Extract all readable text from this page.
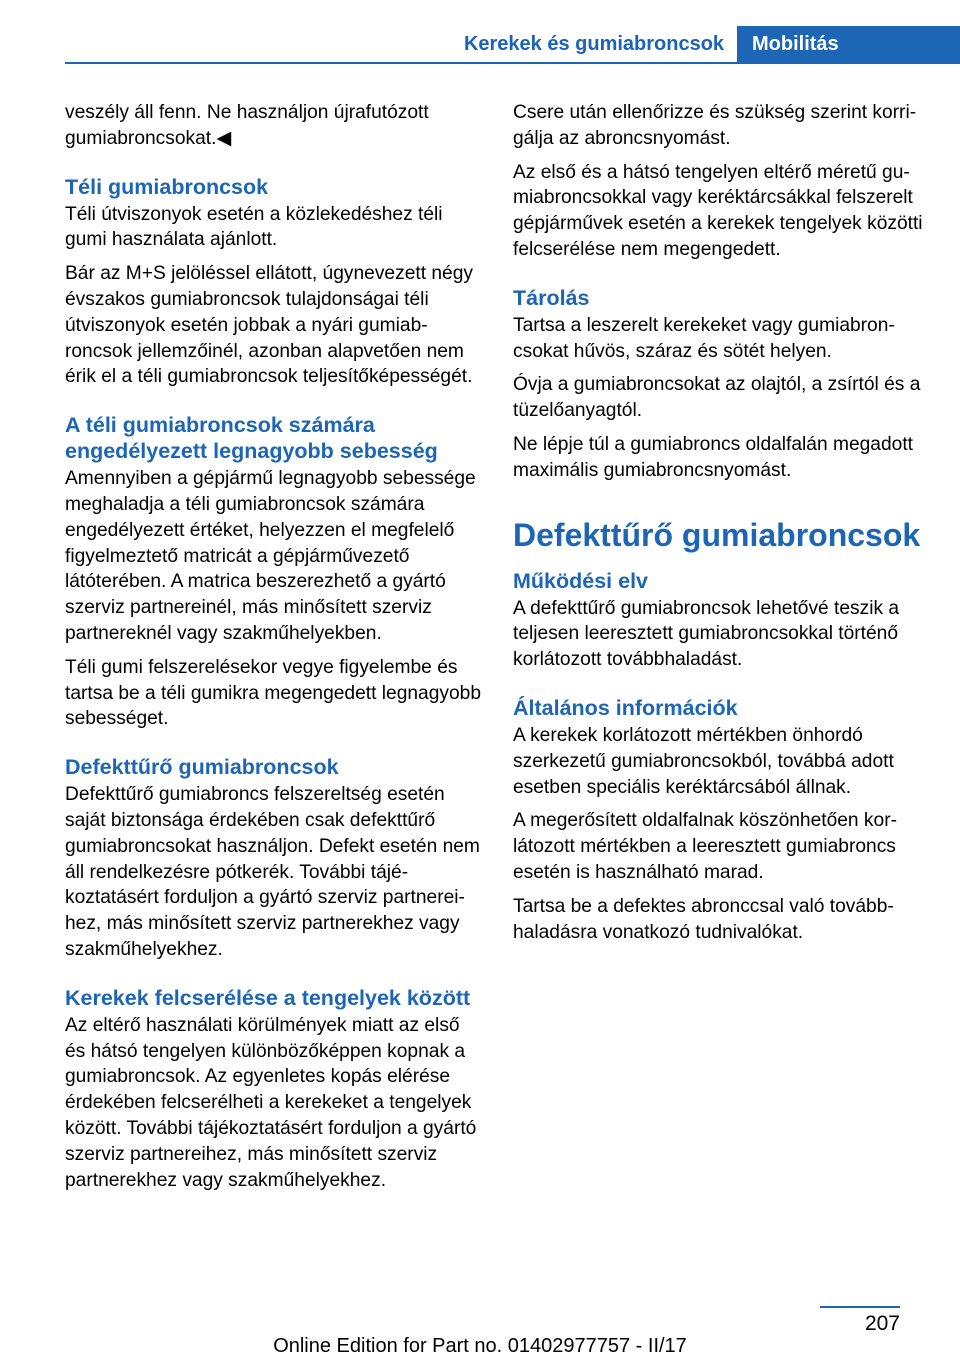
Kerekek és gumiabroncsok	Mobilitás

veszély áll fenn. Ne használjon újrafutózott gumiabroncsokat.◀

Téli gumiabroncsok

Téli útviszonyok esetén a közlekedéshez téli gumi használata ajánlott.

Bár az M+S jelöléssel ellátott, úgynevezett négy évszakos gumiabroncsok tulajdonságai téli útviszonyok esetén jobbak a nyári gumiabroncsok jellemzőinél, azonban alapvetően nem érik el a téli gumiabroncsok teljesítőképességét.

A téli gumiabroncsok számára engedélyezett legnagyobb sebesség

Amennyiben a gépjármű legnagyobb sebessége meghaladja a téli gumiabroncsok számára engedélyezett értéket, helyezzen el megfelelő figyelmeztető matricát a gépjárművezető látóterében. A matrica beszerezhető a gyártó szerviz partnereinél, más minősített szerviz partnereknél vagy szakműhelyekben.

Téli gumi felszerelésekor vegye figyelembe és tartsa be a téli gumikra megengedett legnagyobb sebességet.

Defekttűrő gumiabroncsok

Defekttűrő gumiabroncs felszereltség esetén saját biztonsága érdekében csak defekttűrő gumiabroncsokat használjon. Defekt esetén nem áll rendelkezésre pótkerék. További tájékoztatásért forduljon a gyártó szerviz partnereihez, más minősített szerviz partnerekhez vagy szakműhelyekhez.

Kerekek felcserélése a tengelyek között

Az eltérő használati körülmények miatt az első és hátsó tengelyen különbözőképpen kopnak a gumiabroncsok. Az egyenletes kopás elérése érdekében felcserélheti a kerekeket a tengelyek között. További tájékoztatásért forduljon a gyártó szerviz partnereihez, más minősített szerviz partnerekhez vagy szakműhelyekhez.

Csere után ellenőrizze és szükség szerint korrigálja az abroncsnyomást.

Az első és a hátsó tengelyen eltérő méretű gumiabroncsokkal vagy keréktárcsákkal felszerelt gépjárművek esetén a kerekek tengelyek közötti felcserélése nem megengedett.

Tárolás

Tartsa a leszerelt kerekeket vagy gumiabroncsokat hűvös, száraz és sötét helyen.

Óvja a gumiabroncsokat az olajtól, a zsírtól és a tüzelőanyagtól.

Ne lépje túl a gumiabroncs oldalfalán megadott maximális gumiabroncsnyomást.

Defekttűrő gumiabroncsok
Működési elv

A defekttűrő gumiabroncsok lehetővé teszik a teljesen leeresztett gumiabroncsokkal történő korlátozott továbbhaladást.

Általános információk

A kerekek korlátozott mértékben önhordó szerkezetű gumiabroncsokból, továbbá adott esetben speciális keréktárcsából állnak.

A megerősített oldalfalnak köszönhetően korlátozott mértékben a leeresztett gumiabroncs esetén is használható marad.

Tartsa be a defektes abronccsal való továbbhaladásra vonatkozó tudnivalókat.

207
Online Edition for Part no. 01402977757 - II/17
